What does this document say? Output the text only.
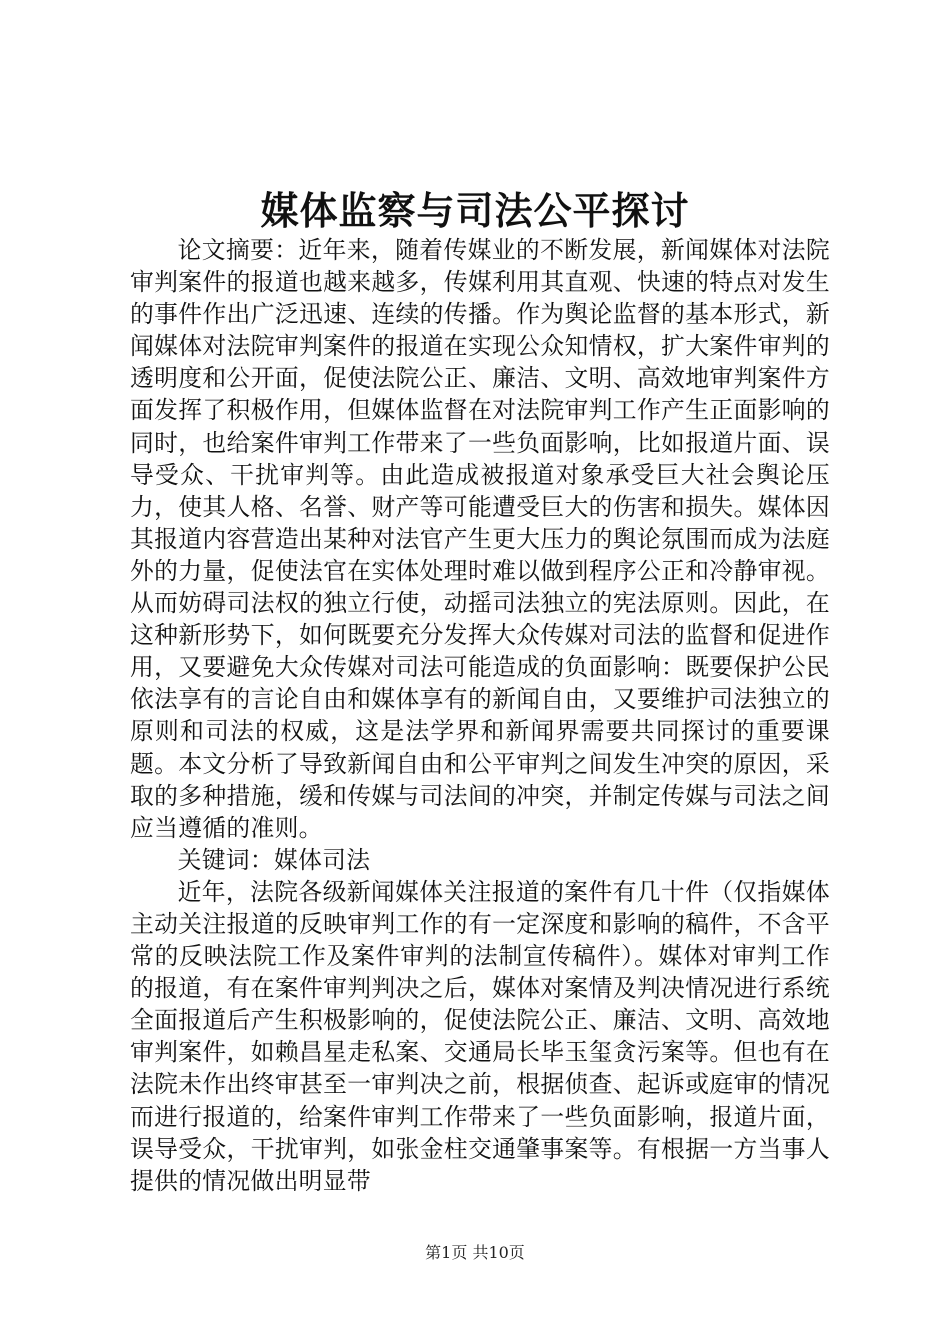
媒体监察与司法公平探讨

论文摘要：近年来，随着传媒业的不断发展，新闻媒体对法院审判案件的报道也越来越多，传媒利用其直观、快速的特点对发生的事件作出广泛迅速、连续的传播。作为舆论监督的基本形式，新闻媒体对法院审判案件的报道在实现公众知情权，扩大案件审判的透明度和公开面，促使法院公正、廉洁、文明、高效地审判案件方面发挥了积极作用，但媒体监督在对法院审判工作产生正面影响的同时，也给案件审判工作带来了一些负面影响，比如报道片面、误导受众、干扰审判等。由此造成被报道对象承受巨大社会舆论压力，使其人格、名誉、财产等可能遭受巨大的伤害和损失。媒体因其报道内容营造出某种对法官产生更大压力的舆论氛围而成为法庭外的力量，促使法官在实体处理时难以做到程序公正和冷静审视。从而妨碍司法权的独立行使，动摇司法独立的宪法原则。因此，在这种新形势下，如何既要充分发挥大众传媒对司法的监督和促进作用，又要避免大众传媒对司法可能造成的负面影响：既要保护公民依法享有的言论自由和媒体享有的新闻自由，又要维护司法独立的原则和司法的权威，这是法学界和新闻界需要共同探讨的重要课题。本文分析了导致新闻自由和公平审判之间发生冲突的原因，采取的多种措施，缓和传媒与司法间的冲突，并制定传媒与司法之间应当遵循的准则。

关键词：媒体司法

近年，法院各级新闻媒体关注报道的案件有几十件（仅指媒体主动关注报道的反映审判工作的有一定深度和影响的稿件，不含平常的反映法院工作及案件审判的法制宣传稿件）。媒体对审判工作的报道，有在案件审判判决之后，媒体对案情及判决情况进行系统全面报道后产生积极影响的，促使法院公正、廉洁、文明、高效地审判案件，如赖昌星走私案、交通局长毕玉玺贪污案等。但也有在法院未作出终审甚至一审判决之前，根据侦查、起诉或庭审的情况而进行报道的，给案件审判工作带来了一些负面影响，报道片面，误导受众，干扰审判，如张金柱交通肇事案等。有根据一方当事人提供的情况做出明显带

第1页 共10页
